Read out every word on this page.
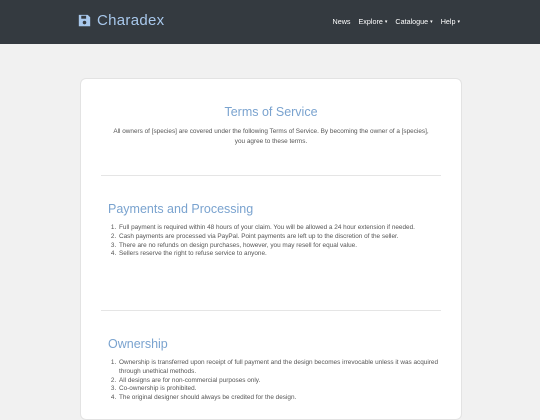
Charadex	News Explore ▾ Catalogue ▾ Help ▾
Terms of Service
All owners of [species] are covered under the following Terms of Service. By becoming the owner of a [species], you agree to these terms.
Payments and Processing
1. Full payment is required within 48 hours of your claim. You will be allowed a 24 hour extension if needed.
2. Cash payments are processed via PayPal. Point payments are left up to the discretion of the seller.
3. There are no refunds on design purchases, however, you may resell for equal value.
4. Sellers reserve the right to refuse service to anyone.
Ownership
1. Ownership is transferred upon receipt of full payment and the design becomes irrevocable unless it was acquired through unethical methods.
2. All designs are for non-commercial purposes only.
3. Co-ownership is prohibited.
4. The original designer should always be credited for the design.
